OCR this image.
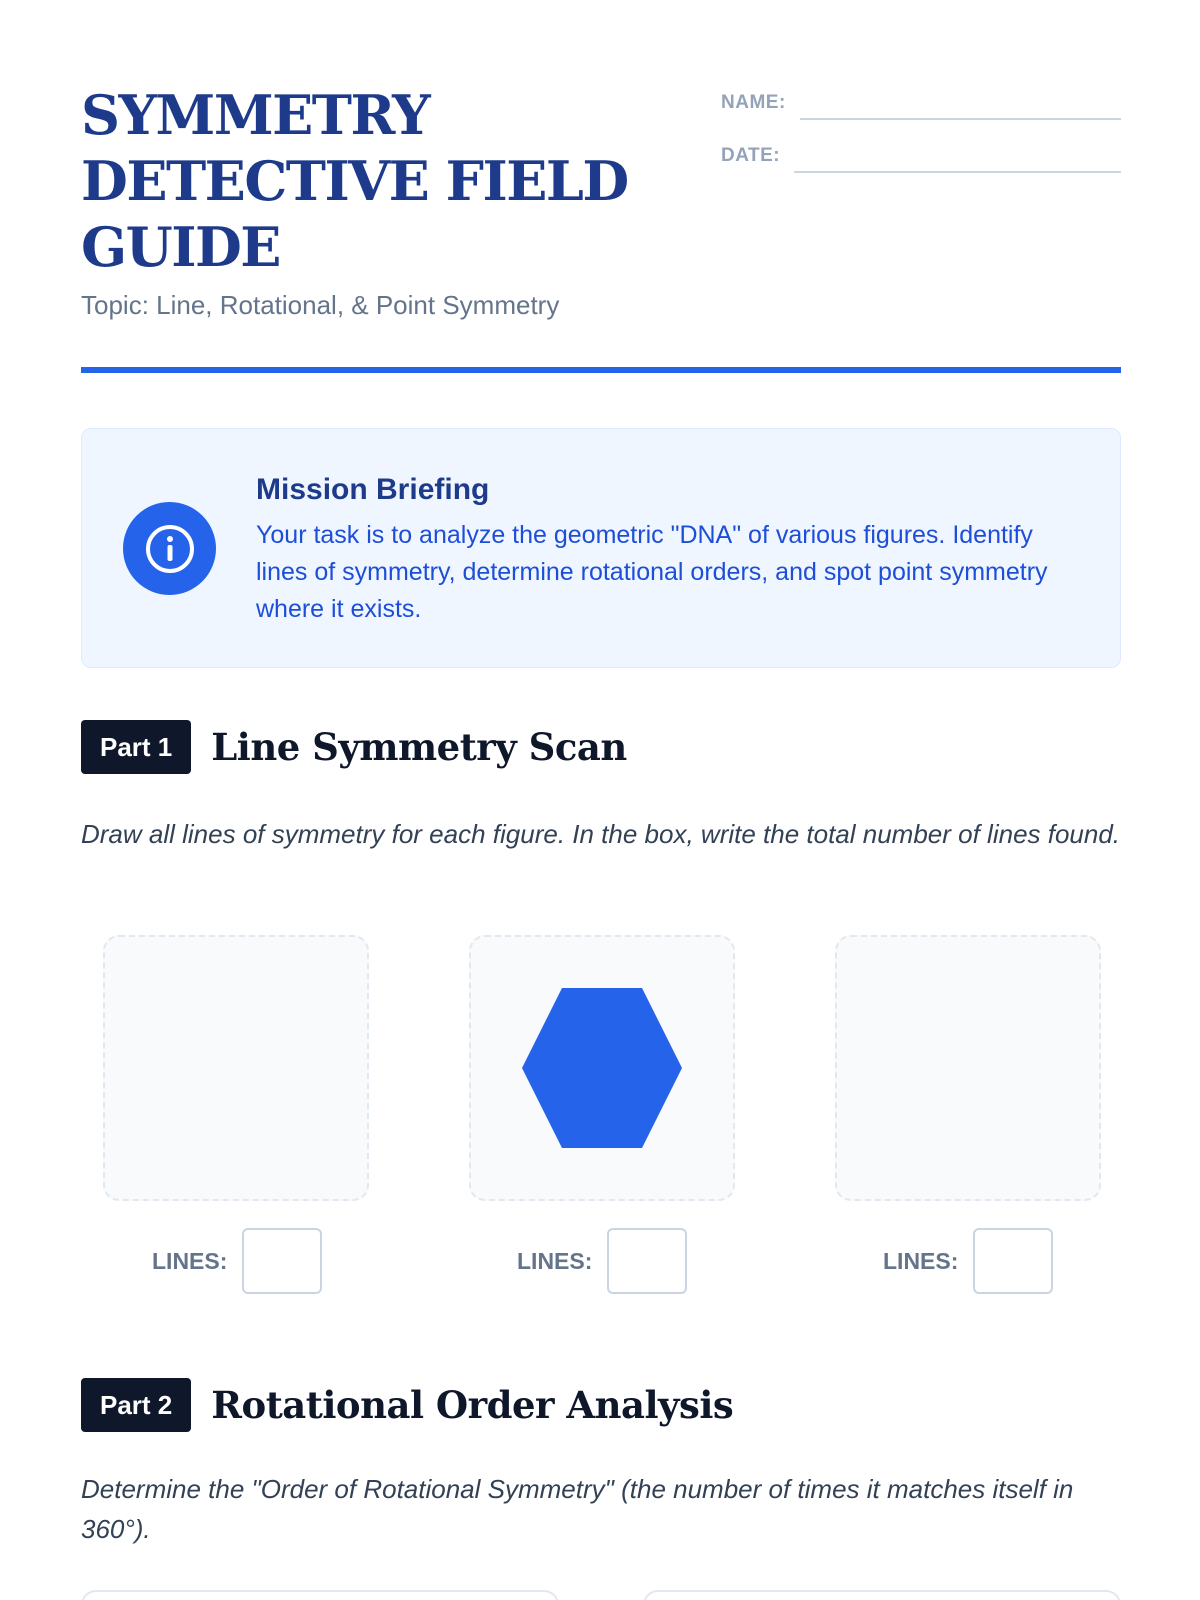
SYMMETRY DETECTIVE FIELD GUIDE
Topic: Line, Rotational, & Point Symmetry
NAME:
DATE:
Mission Briefing

Your task is to analyze the geometric "DNA" of various figures. Identify lines of symmetry, determine rotational orders, and spot point symmetry where it exists.

Part 1	Line Symmetry Scan

Draw all lines of symmetry for each figure. In the box, write the total number of lines found.

LINES:	LINES:	LINES:
Part 2	Rotational Order Analysis

Determine the "Order of Rotational Symmetry" (the number of times it matches itself in 360°).
